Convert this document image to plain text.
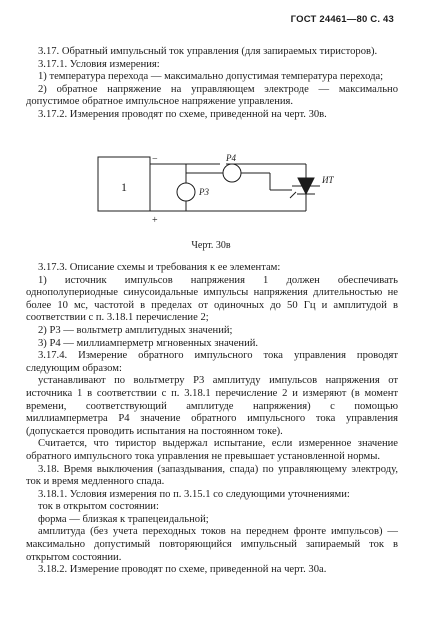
ГОСТ 24461—80 С. 43

3.17. Обратный импульсный ток управления (для запираемых тиристоров).

3.17.1. Условия измерения:

1) температура перехода — максимально допустимая температура перехода;

2) обратное напряжение на управляющем электроде — максимально допустимое обратное импульсное напряжение управления.

3.17.2. Измерения проводят по схеме, приведенной на черт. 30в.

1	Р3
Р4
ИТ
−
+
Черт. 30в

3.17.3. Описание схемы и требования к ее элементам:

1) источник импульсов напряжения 1 должен обеспечивать однополупериодные синусоидальные импульсы напряжения длительностью не более 10 мс, частотой в пределах от одиночных до 50 Гц и амплитудой в соответствии с п. 3.18.1 перечисление 2;

2) Р3 — вольтметр амплитудных значений;

3) Р4 — миллиамперметр мгновенных значений.

3.17.4. Измерение обратного импульсного тока управления проводят следующим образом:

устанавливают по вольтметру Р3 амплитуду импульсов напряжения от источника 1 в соответствии с п. 3.18.1 перечисление 2 и измеряют (в момент времени, соответствующий амплитуде напряжения) с помощью миллиамперметра Р4 значение обратного импульсного тока управления (допускается проводить испытания на постоянном токе).

Считается, что тиристор выдержал испытание, если измеренное значение обратного импульсного тока управления не превышает установленной нормы.

3.18. Время выключения (запаздывания, спада) по управляющему электроду, ток и время медленного спада.

3.18.1. Условия измерения по п. 3.15.1 со следующими уточнениями:

ток в открытом состоянии:

форма — близкая к трапецеидальной;

амплитуда (без учета переходных токов на переднем фронте импульсов) — максимально допустимый повторяющийся импульсный запираемый ток в открытом состоянии.

3.18.2. Измерение проводят по схеме, приведенной на черт. 30а.
